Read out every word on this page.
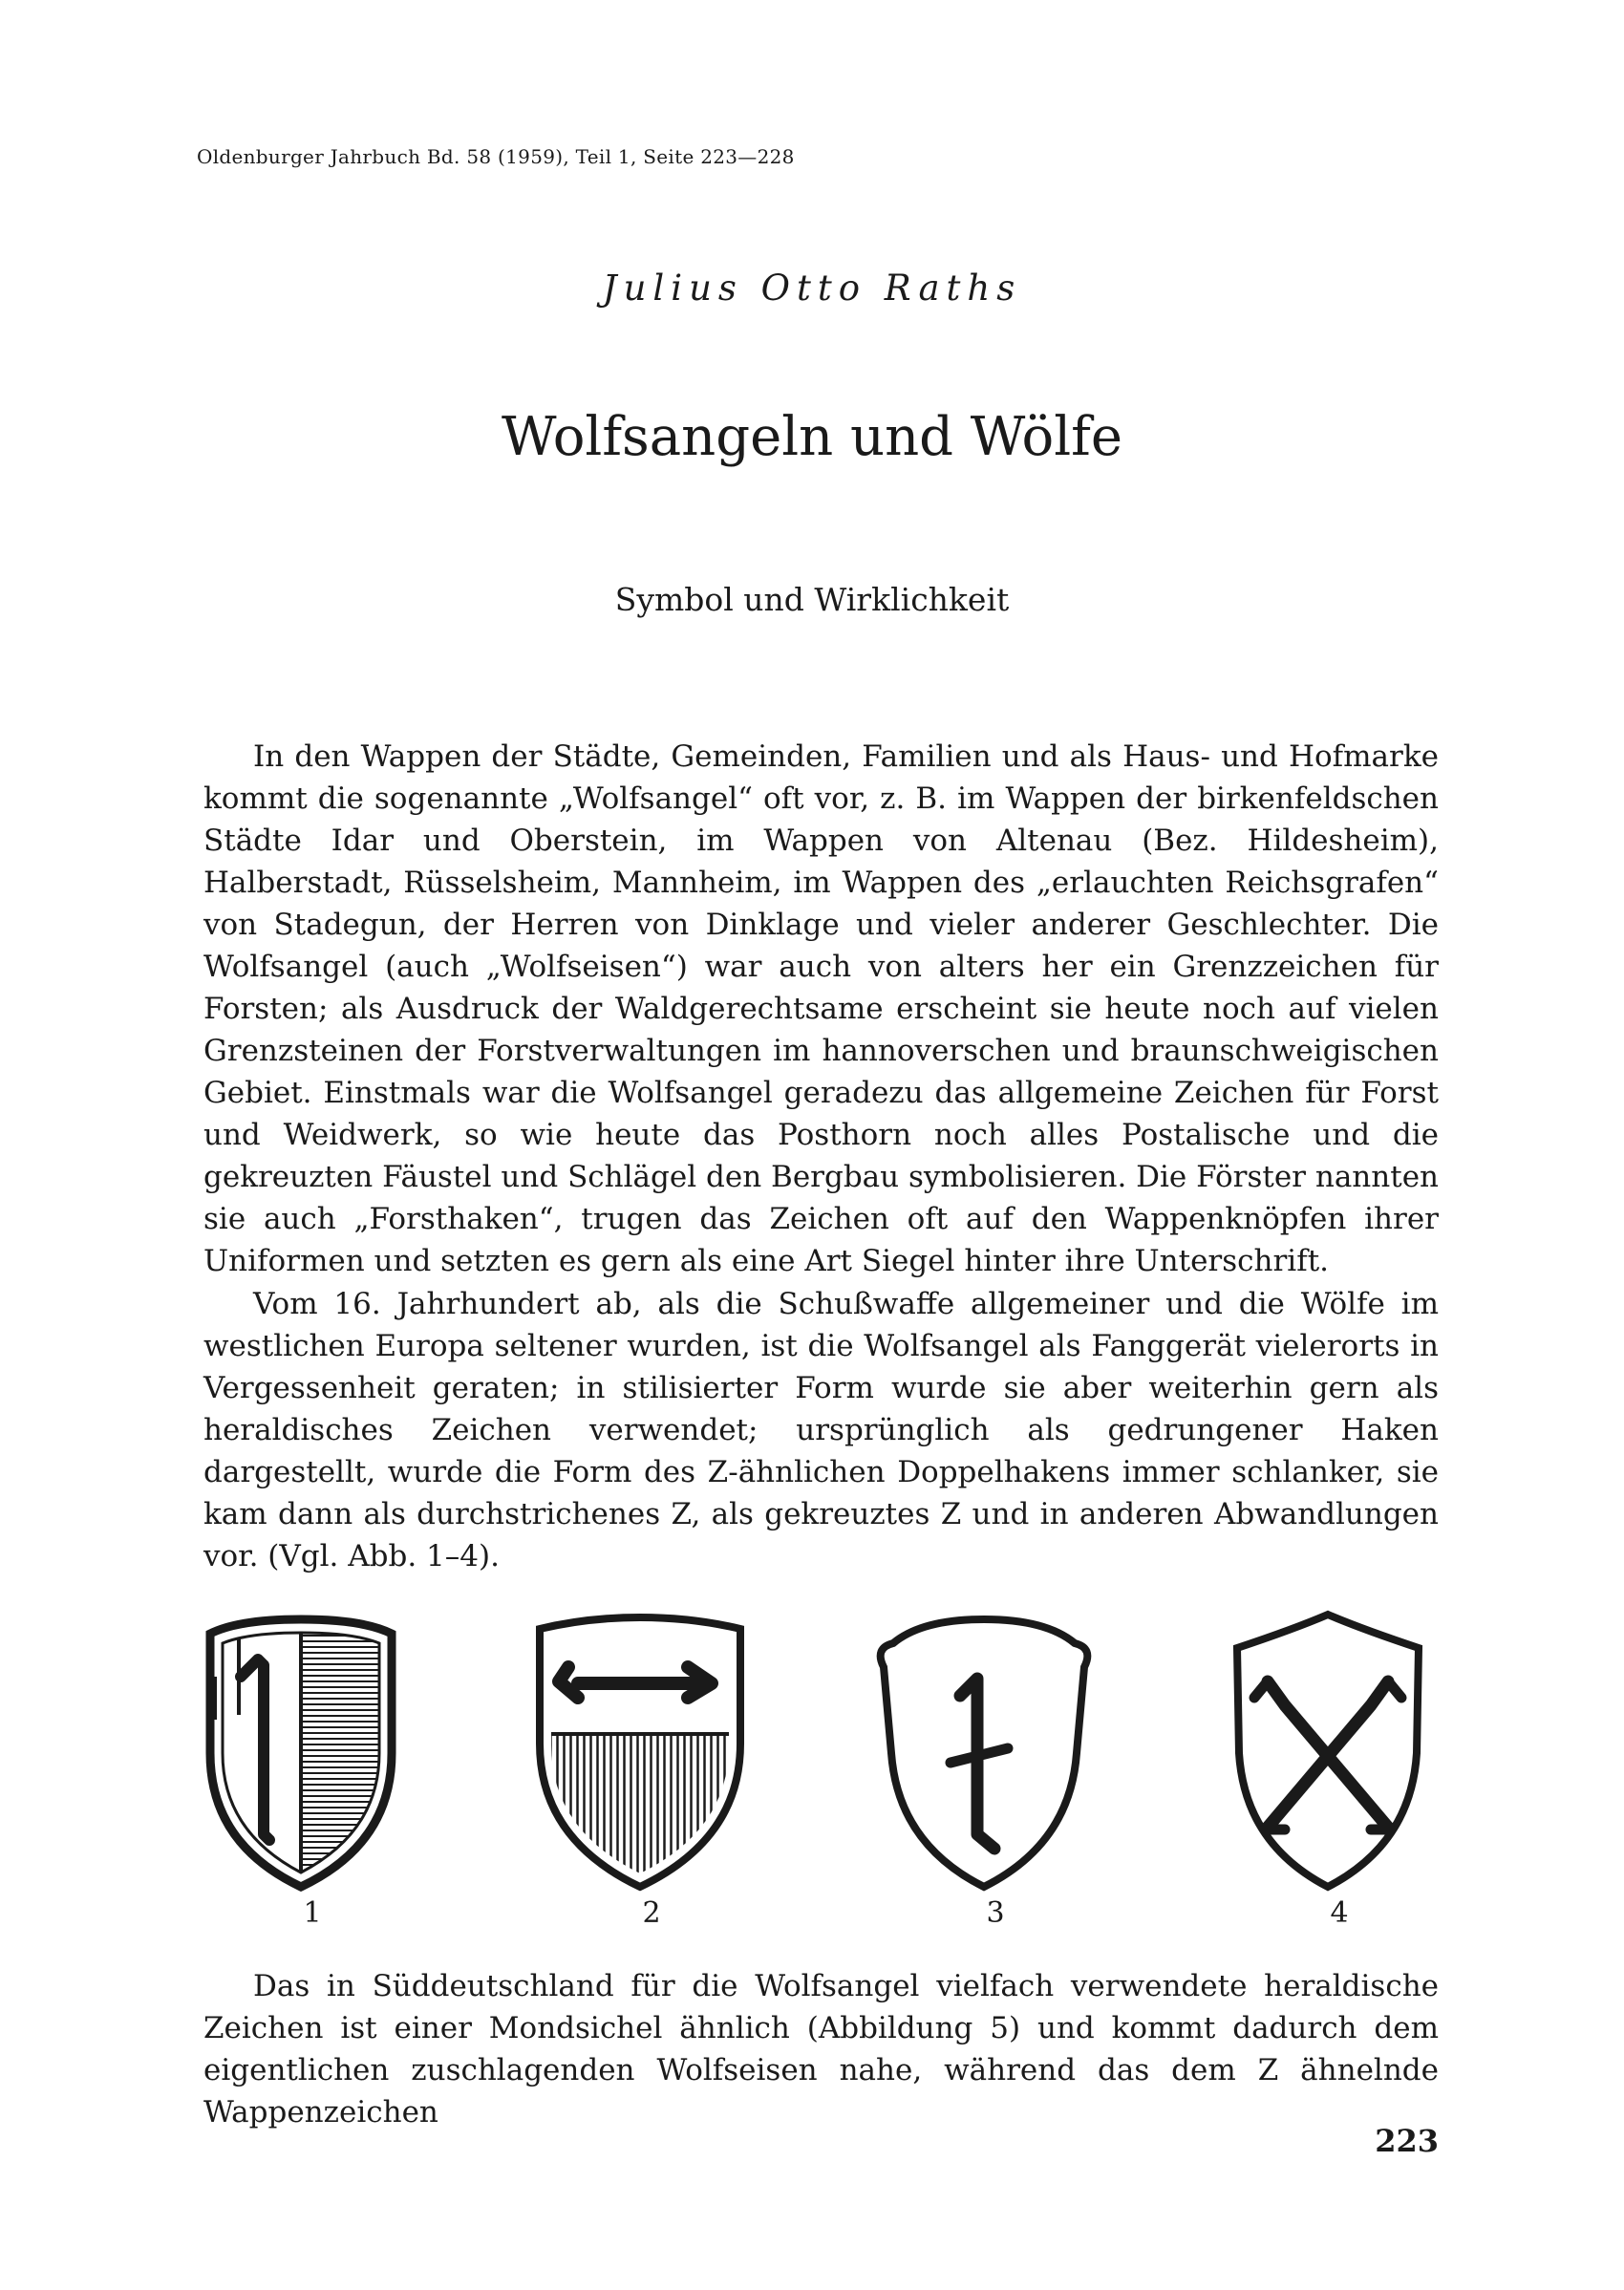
Oldenburger Jahrbuch Bd. 58 (1959), Teil 1, Seite 223—228
Julius Otto Raths
Wolfsangeln und Wölfe
Symbol und Wirklichkeit

In den Wappen der Städte, Gemeinden, Familien und als Haus- und Hofmarke kommt die sogenannte „Wolfsangel“ oft vor, z. B. im Wappen der birkenfeldschen Städte Idar und Oberstein, im Wappen von Altenau (Bez. Hildesheim), Halberstadt, Rüsselsheim, Mannheim, im Wappen des „erlauchten Reichsgrafen“ von Stadegun, der Herren von Dinklage und vieler anderer Geschlechter. Die Wolfsangel (auch „Wolfseisen“) war auch von alters her ein Grenzzeichen für Forsten; als Ausdruck der Waldgerechtsame erscheint sie heute noch auf vielen Grenzsteinen der Forstverwaltungen im hannoverschen und braunschweigischen Gebiet. Einstmals war die Wolfsangel geradezu das allgemeine Zeichen für Forst und Weidwerk, so wie heute das Posthorn noch alles Postalische und die gekreuzten Fäustel und Schlägel den Bergbau symbolisieren. Die Förster nannten sie auch „Forsthaken“, trugen das Zeichen oft auf den Wappenknöpfen ihrer Uniformen und setzten es gern als eine Art Siegel hinter ihre Unterschrift.

Vom 16. Jahrhundert ab, als die Schußwaffe allgemeiner und die Wölfe im westlichen Europa seltener wurden, ist die Wolfsangel als Fanggerät vielerorts in Vergessenheit geraten; in stilisierter Form wurde sie aber weiterhin gern als heraldisches Zeichen verwendet; ursprünglich als gedrungener Haken dargestellt, wurde die Form des Z-ähnlichen Doppelhakens immer schlanker, sie kam dann als durchstrichenes Z, als gekreuztes Z und in anderen Abwandlungen vor. (Vgl. Abb. 1–4).

1	2	3	4

Das in Süddeutschland für die Wolfsangel vielfach verwendete heraldische Zeichen ist einer Mondsichel ähnlich (Abbildung 5) und kommt dadurch dem eigentlichen zuschlagenden Wolfseisen nahe, während das dem Z ähnelnde Wappenzeichen

223
